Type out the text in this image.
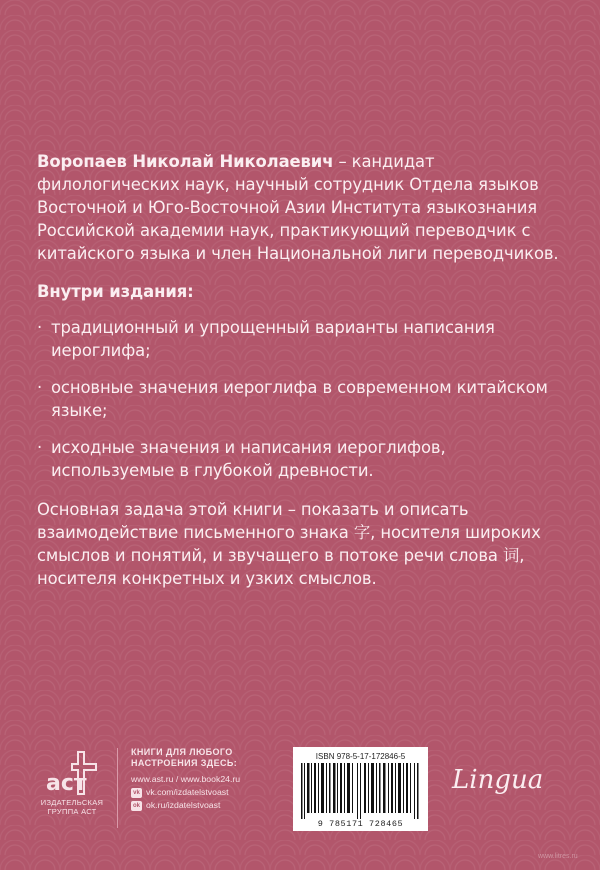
Воропаев Николай Николаевич – кандидат филологических наук, научный сотрудник Отдела языков Восточной и Юго-Восточной Азии Института языкознания Российской академии наук, практикующий переводчик с китайского языка и член Национальной лиги переводчиков.

Внутри издания:

· традиционный и упрощенный варианты написания иероглифа;
· основные значения иероглифа в современном китайском языке;
· исходные значения и написания иероглифов, используемые в глубокой древности.

Основная задача этой книги – показать и описать взаимодействие письменного знака 字, носителя широких смыслов и понятий, и звучащего в потоке речи слова 词, носителя конкретных и узких смыслов.

аст
ИЗДАТЕЛЬСКАЯ
ГРУППА АСТ
КНИГИ ДЛЯ ЛЮБОГО
НАСТРОЕНИЯ ЗДЕСЬ:
www.ast.ru / www.book24.ru
vk vk.com/izdatelstvoast
ok ok.ru/izdatelstvoast
ISBN 978-5-17-172846-5
9 785171 728465
Lingua
www.litres.ru
